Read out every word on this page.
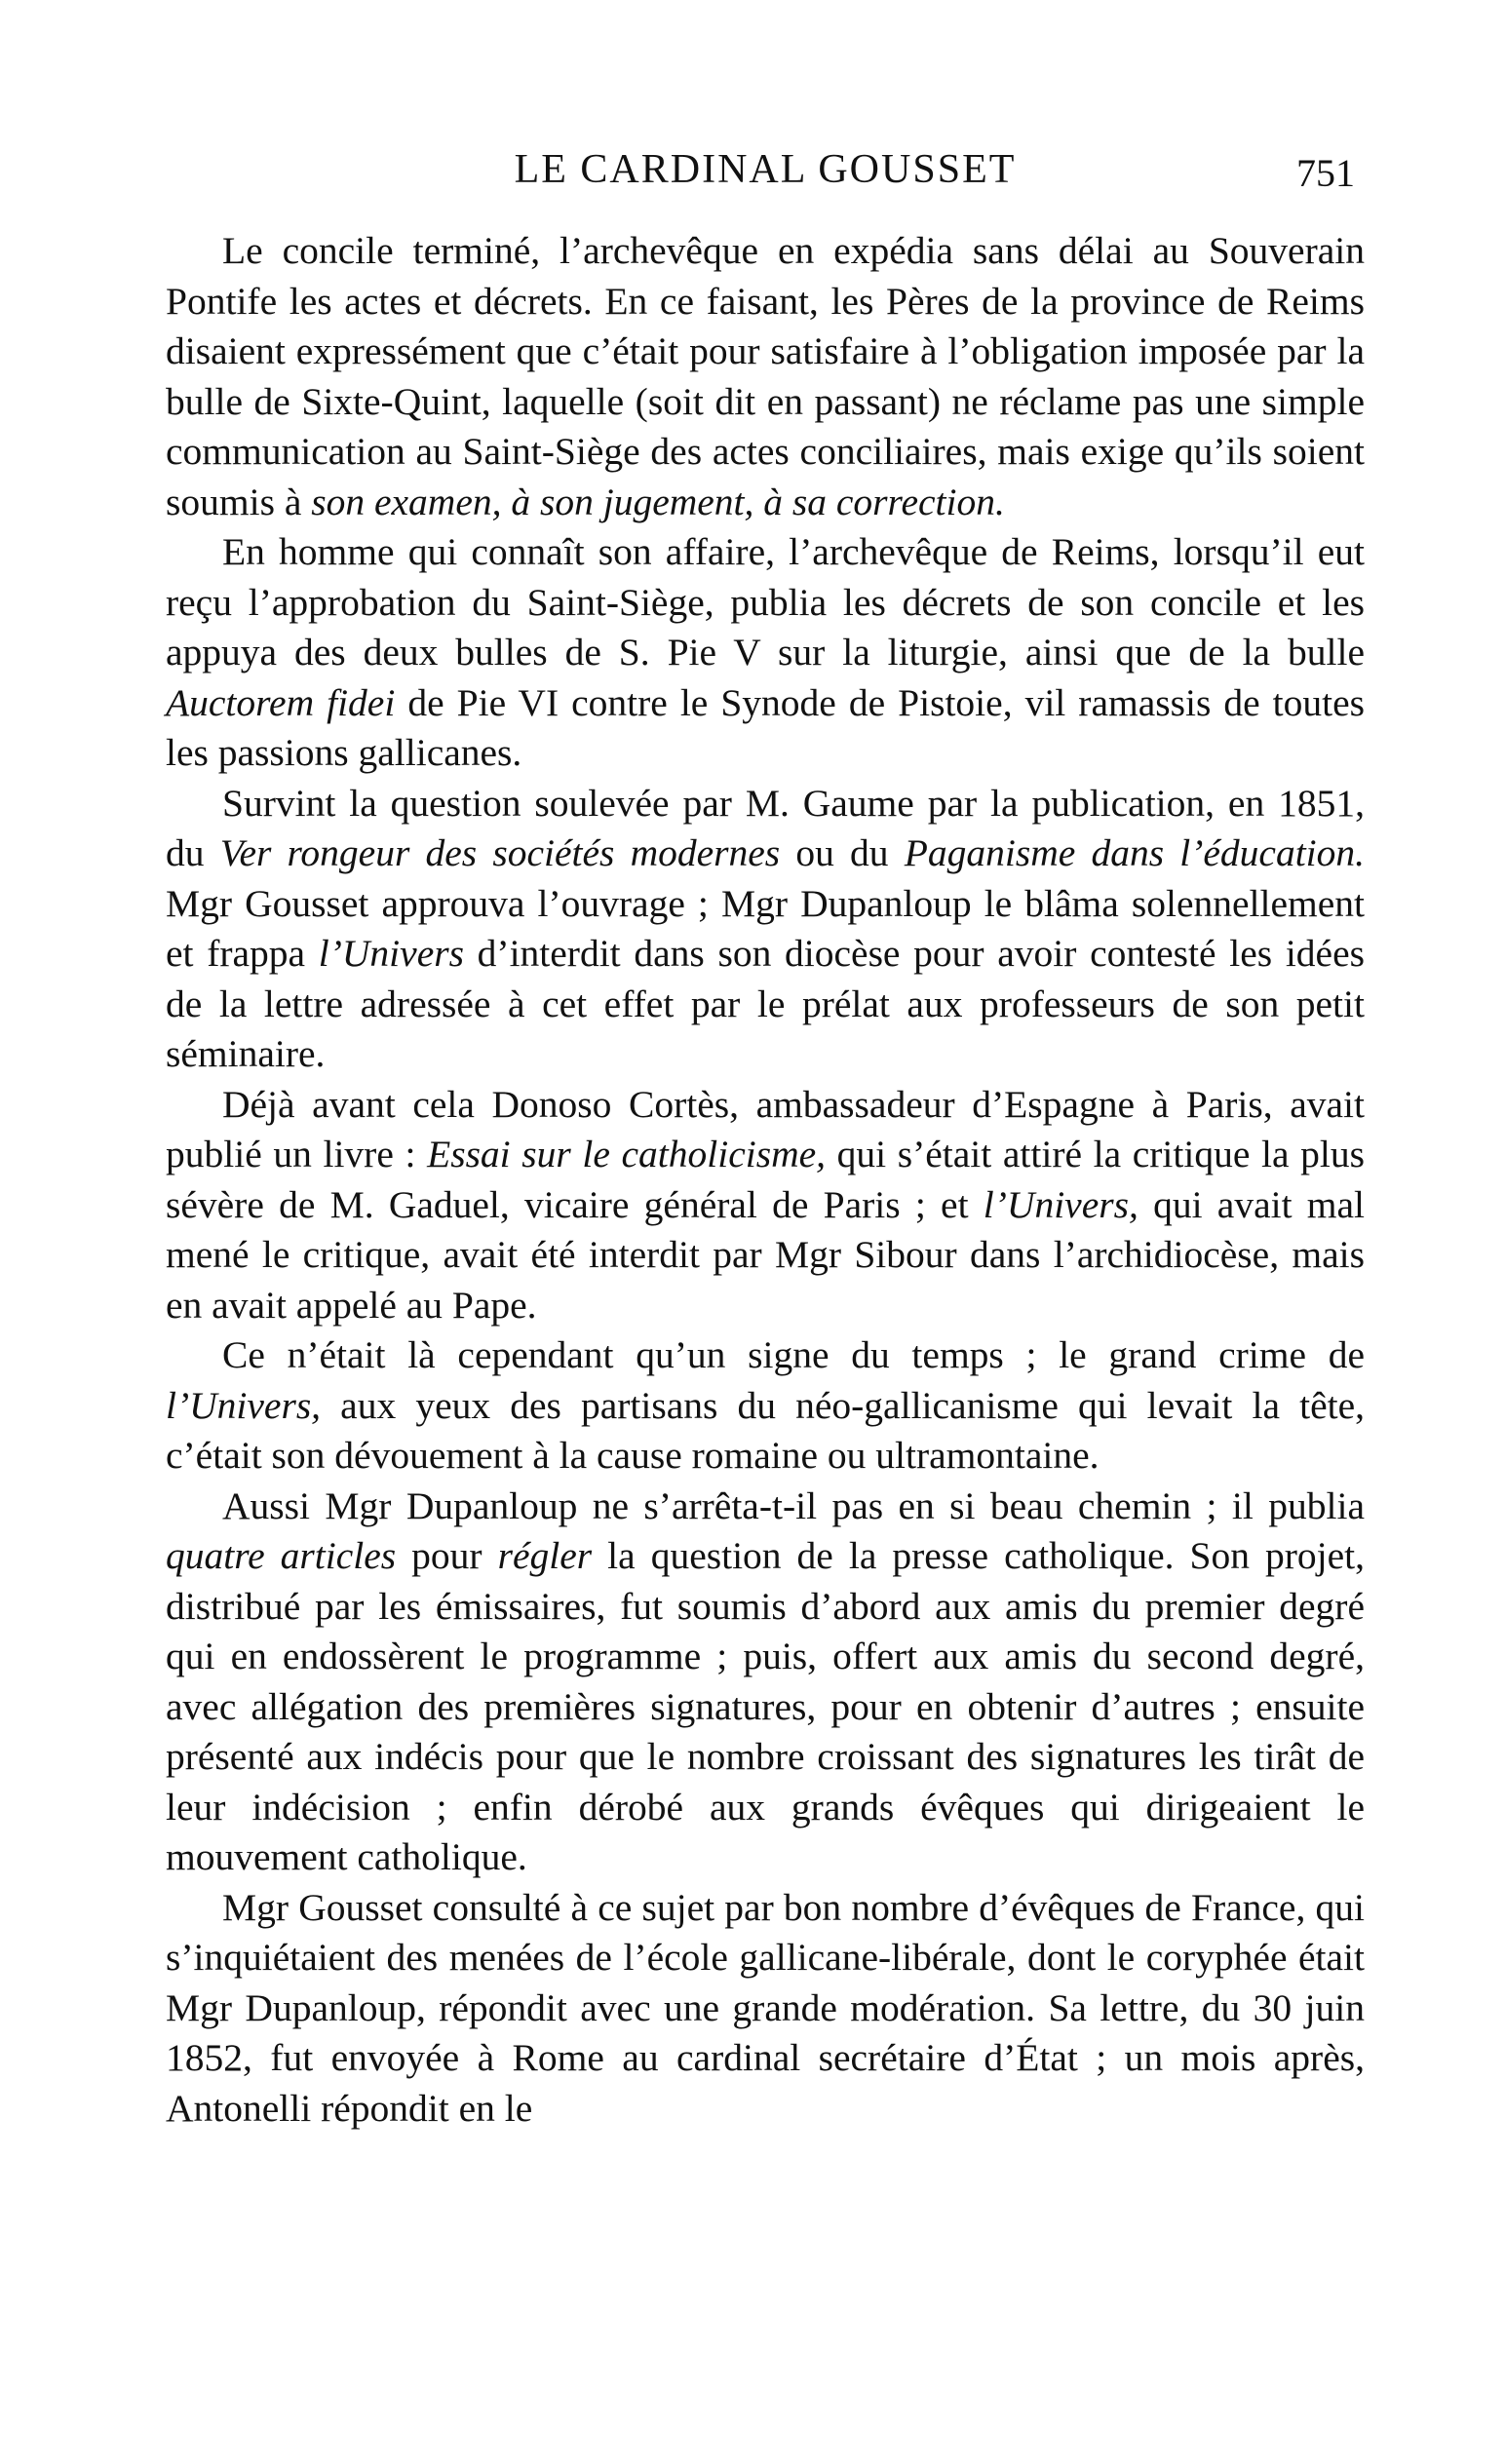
LE CARDINAL GOUSSET	751

Le concile terminé, l’archevêque en expédia sans délai au Souverain Pontife les actes et décrets. En ce faisant, les Pères de la province de Reims disaient expressément que c’était pour satisfaire à l’obligation imposée par la bulle de Sixte-Quint, laquelle (soit dit en passant) ne réclame pas une simple communication au Saint-Siège des actes conciliaires, mais exige qu’ils soient soumis à son examen, à son jugement, à sa correction.

En homme qui connaît son affaire, l’archevêque de Reims, lorsqu’il eut reçu l’approbation du Saint-Siège, publia les décrets de son concile et les appuya des deux bulles de S. Pie V sur la liturgie, ainsi que de la bulle Auctorem fidei de Pie VI contre le Synode de Pistoie, vil ramassis de toutes les passions gallicanes.

Survint la question soulevée par M. Gaume par la publication, en 1851, du Ver rongeur des sociétés modernes ou du Paganisme dans l’éducation. Mgr Gousset approuva l’ouvrage ; Mgr Dupanloup le blâma solennellement et frappa l’Univers d’interdit dans son diocèse pour avoir contesté les idées de la lettre adressée à cet effet par le prélat aux professeurs de son petit séminaire.

Déjà avant cela Donoso Cortès, ambassadeur d’Espagne à Paris, avait publié un livre : Essai sur le catholicisme, qui s’était attiré la critique la plus sévère de M. Gaduel, vicaire général de Paris ; et l’Univers, qui avait mal mené le critique, avait été interdit par Mgr Sibour dans l’archidiocèse, mais en avait appelé au Pape.

Ce n’était là cependant qu’un signe du temps ; le grand crime de l’Univers, aux yeux des partisans du néo-gallicanisme qui levait la tête, c’était son dévouement à la cause romaine ou ultramontaine.

Aussi Mgr Dupanloup ne s’arrêta-t-il pas en si beau chemin ; il publia quatre articles pour régler la question de la presse catholique. Son projet, distribué par les émissaires, fut soumis d’abord aux amis du premier degré qui en endossèrent le programme ; puis, offert aux amis du second degré, avec allégation des premières signatures, pour en obtenir d’autres ; ensuite présenté aux indécis pour que le nombre croissant des signatures les tirât de leur indécision ; enfin dérobé aux grands évêques qui dirigeaient le mouvement catholique.

Mgr Gousset consulté à ce sujet par bon nombre d’évêques de France, qui s’inquiétaient des menées de l’école gallicane-libérale, dont le coryphée était Mgr Dupanloup, répondit avec une grande modération. Sa lettre, du 30 juin 1852, fut envoyée à Rome au cardinal secrétaire d’État ; un mois après, Antonelli répondit en le
